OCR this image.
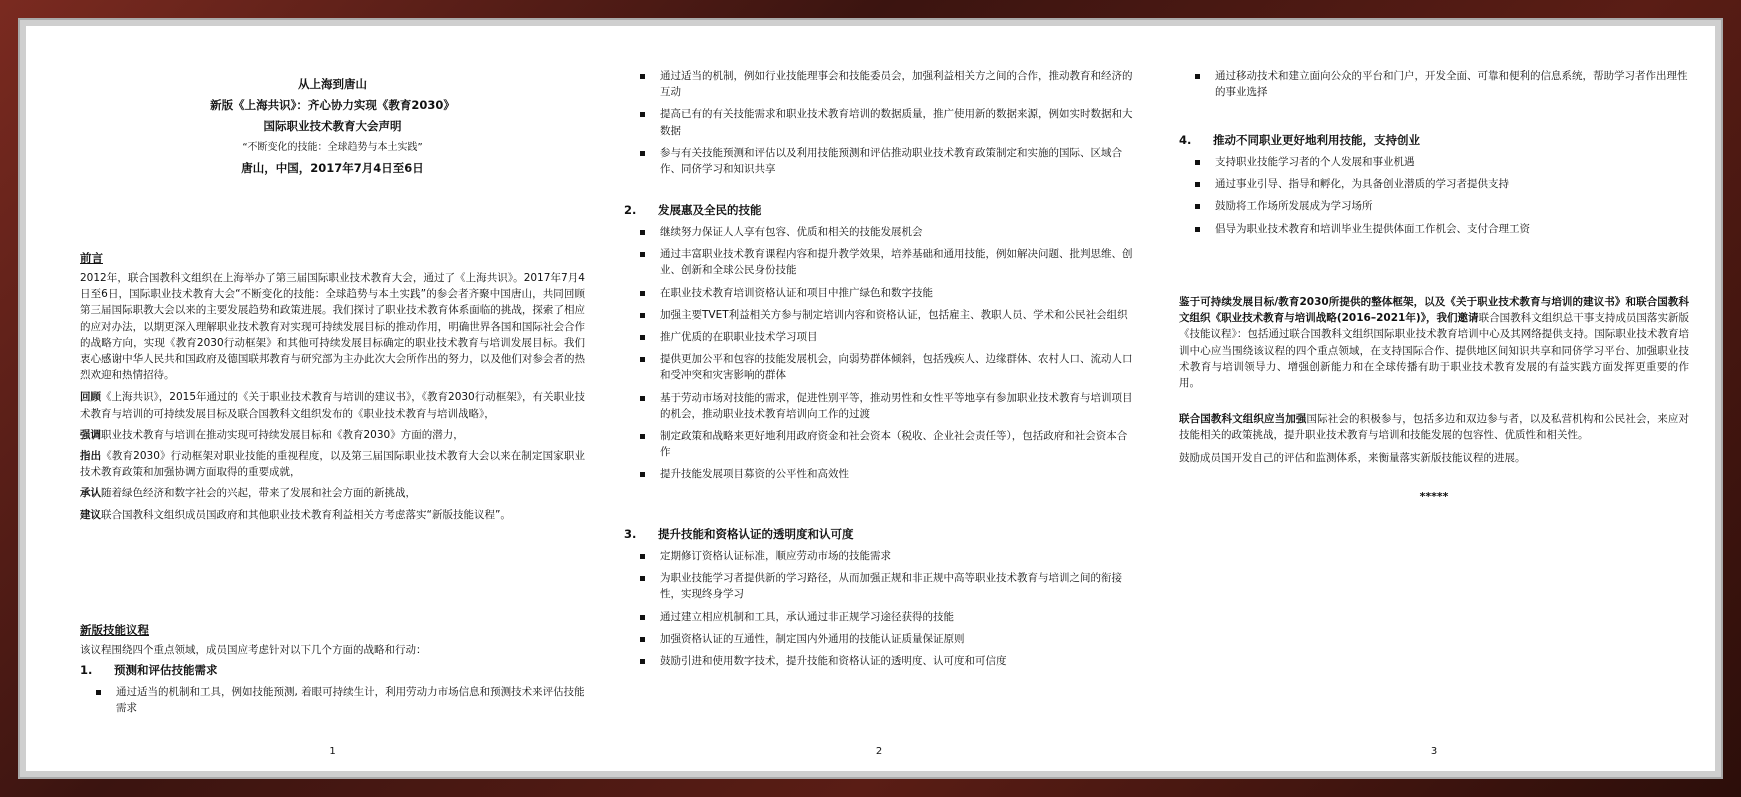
从上海到唐山
新版《上海共识》：齐心协力实现《教育2030》
国际职业技术教育大会声明
“不断变化的技能：全球趋势与本土实践”
唐山，中国，2017年7月4日至6日
前言
2012年，联合国教科文组织在上海举办了第三届国际职业技术教育大会，通过了《上海共识》。2017年7月4日至6日，国际职业技术教育大会“不断变化的技能：全球趋势与本土实践”的参会者齐聚中国唐山，共同回顾第三届国际职教大会以来的主要发展趋势和政策进展。我们探讨了职业技术教育体系面临的挑战，探索了相应的应对办法，以期更深入理解职业技术教育对实现可持续发展目标的推动作用，明确世界各国和国际社会合作的战略方向，实现《教育2030行动框架》和其他可持续发展目标确定的职业技术教育与培训发展目标。我们衷心感谢中华人民共和国政府及德国联邦教育与研究部为主办此次大会所作出的努力，以及他们对参会者的热烈欢迎和热情招待。
回顾《上海共识》，2015年通过的《关于职业技术教育与培训的建议书》，《教育2030行动框架》，有关职业技术教育与培训的可持续发展目标及联合国教科文组织发布的《职业技术教育与培训战略》，
强调职业技术教育与培训在推动实现可持续发展目标和《教育2030》方面的潜力，
指出《教育2030》行动框架对职业技能的重视程度，以及第三届国际职业技术教育大会以来在制定国家职业技术教育政策和加强协调方面取得的重要成就，
承认随着绿色经济和数字社会的兴起，带来了发展和社会方面的新挑战，
建议联合国教科文组织成员国政府和其他职业技术教育利益相关方考虑落实“新版技能议程”。
新版技能议程
该议程围绕四个重点领域，成员国应考虑针对以下几个方面的战略和行动：
1. 预测和评估技能需求
通过适当的机制和工具，例如技能预测, 着眼可持续生计，利用劳动力市场信息和预测技术来评估技能需求
1
通过适当的机制，例如行业技能理事会和技能委员会，加强利益相关方之间的合作，推动教育和经济的互动
提高已有的有关技能需求和职业技术教育培训的数据质量，推广使用新的数据来源，例如实时数据和大数据
参与有关技能预测和评估以及利用技能预测和评估推动职业技术教育政策制定和实施的国际、区域合作、同侪学习和知识共享
2. 发展惠及全民的技能
继续努力保证人人享有包容、优质和相关的技能发展机会
通过丰富职业技术教育课程内容和提升教学效果，培养基础和通用技能，例如解决问题、批判思维、创业、创新和全球公民身份技能
在职业技术教育培训资格认证和项目中推广绿色和数字技能
加强主要TVET利益相关方参与制定培训内容和资格认证，包括雇主、教职人员、学术和公民社会组织
推广优质的在职职业技术学习项目
提供更加公平和包容的技能发展机会，向弱势群体倾斜，包括残疾人、边缘群体、农村人口、流动人口和受冲突和灾害影响的群体
基于劳动市场对技能的需求，促进性别平等，推动男性和女性平等地享有参加职业技术教育与培训项目的机会，推动职业技术教育培训向工作的过渡
制定政策和战略来更好地利用政府资金和社会资本（税收、企业社会责任等），包括政府和社会资本合作
提升技能发展项目募资的公平性和高效性
3. 提升技能和资格认证的透明度和认可度
定期修订资格认证标准，顺应劳动市场的技能需求
为职业技能学习者提供新的学习路径，从而加强正规和非正规中高等职业技术教育与培训之间的衔接性，实现终身学习
通过建立相应机制和工具，承认通过非正规学习途径获得的技能
加强资格认证的互通性，制定国内外通用的技能认证质量保证原则
鼓励引进和使用数字技术，提升技能和资格认证的透明度、认可度和可信度
2
通过移动技术和建立面向公众的平台和门户，开发全面、可靠和便利的信息系统，帮助学习者作出理性的事业选择
4. 推动不同职业更好地利用技能，支持创业
支持职业技能学习者的个人发展和事业机遇
通过事业引导、指导和孵化，为具备创业潜质的学习者提供支持
鼓励将工作场所发展成为学习场所
倡导为职业技术教育和培训毕业生提供体面工作机会、支付合理工资
鉴于可持续发展目标/教育2030所提供的整体框架，以及《关于职业技术教育与培训的建议书》和联合国教科文组织《职业技术教育与培训战略(2016–2021年)》，我们邀请联合国教科文组织总干事支持成员国落实新版《技能议程》：包括通过联合国教科文组织国际职业技术教育培训中心及其网络提供支持。国际职业技术教育培训中心应当围绕该议程的四个重点领域，在支持国际合作、提供地区间知识共享和同侪学习平台、加强职业技术教育与培训领导力、增强创新能力和在全球传播有助于职业技术教育发展的有益实践方面发挥更重要的作用。
联合国教科文组织应当加强国际社会的积极参与，包括多边和双边参与者，以及私营机构和公民社会，来应对技能相关的政策挑战，提升职业技术教育与培训和技能发展的包容性、优质性和相关性。
鼓励成员国开发自己的评估和监测体系，来衡量落实新版技能议程的进展。
*****
3
